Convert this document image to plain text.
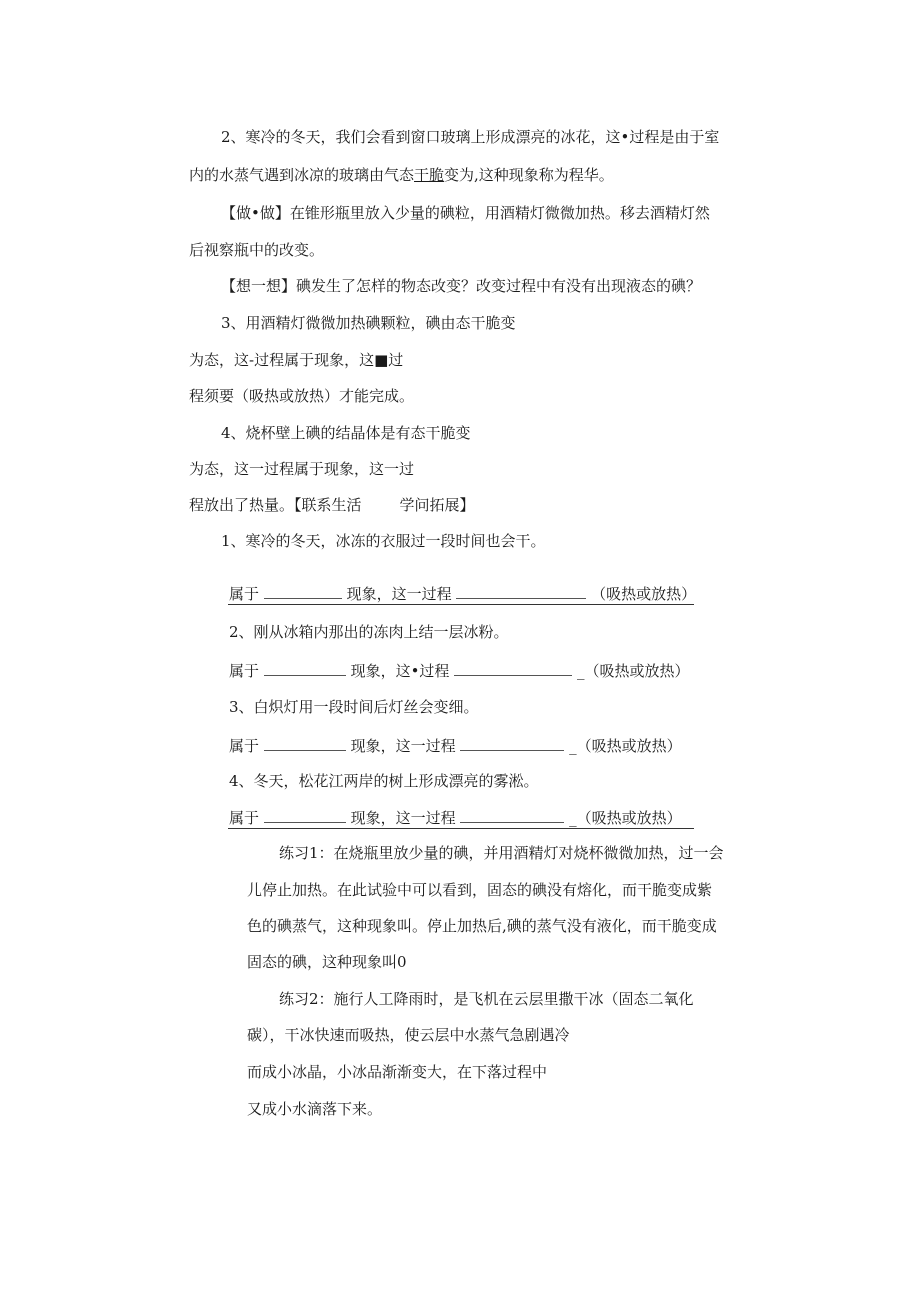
2、寒冷的冬天，我们会看到窗口玻璃上形成漂亮的冰花，这•过程是由于室
内的水蒸气遇到冰凉的玻璃由气态干脆变为,这种现象称为程华。
【做•做】在锥形瓶里放入少量的碘粒，用酒精灯微微加热。移去酒精灯然
后视察瓶中的改变。
【想一想】碘发生了怎样的物态改变？改变过程中有没有出现液态的碘？
3、用酒精灯微微加热碘颗粒，碘由态干脆变
为态，这-过程属于现象，这■过
程须要（吸热或放热）才能完成。
4、烧杯壁上碘的结晶体是有态干脆变
为态，这一过程属于现象，这一过
程放出了热量。【联系生活	学问拓展】
1、寒冷的冬天，冰冻的衣服过一段时间也会干。
属于	现象，这一过程	（吸热或放热）
2、刚从冰箱内那出的冻肉上结一层冰粉。
属于	现象，这•过程	_（吸热或放热）
3、白炽灯用一段时间后灯丝会变细。
属于	现象，这一过程	_（吸热或放热）
4、冬天，松花江两岸的树上形成漂亮的雾淞。
属于	现象，这一过程	_（吸热或放热）
练习1：在烧瓶里放少量的碘，并用酒精灯对烧杯微微加热，过一会
儿停止加热。在此试验中可以看到，固态的碘没有熔化，而干脆变成紫
色的碘蒸气，这种现象叫。停止加热后,碘的蒸气没有液化，而干脆变成
固态的碘，这种现象叫0
练习2：施行人工降雨时，是飞机在云层里撒干冰（固态二氧化
碳），干冰快速而吸热，使云层中水蒸气急剧遇冷
而成小冰晶，小冰品渐渐变大，在下落过程中
又成小水滴落下来。
